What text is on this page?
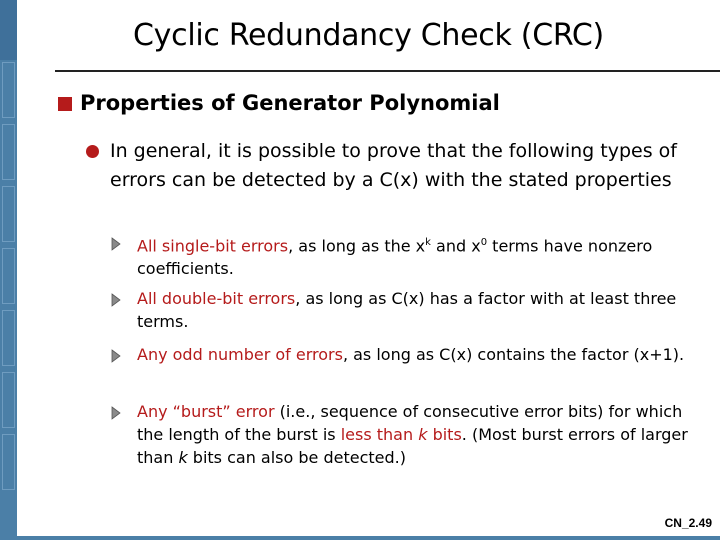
Cyclic Redundancy Check (CRC)
Properties of Generator Polynomial
In general, it is possible to prove that the following types of errors can be detected by a C(x) with the stated properties
All single-bit errors, as long as the $x^k$ and $x^0$ terms have nonzero coefficients.
All double-bit errors, as long as C(x) has a factor with at least three terms.
Any odd number of errors, as long as C(x) contains the factor (x+1).
Any “burst” error (i.e., sequence of consecutive error bits) for which the length of the burst is less than k bits. (Most burst errors of larger than k bits can also be detected.)
CN_2.49
